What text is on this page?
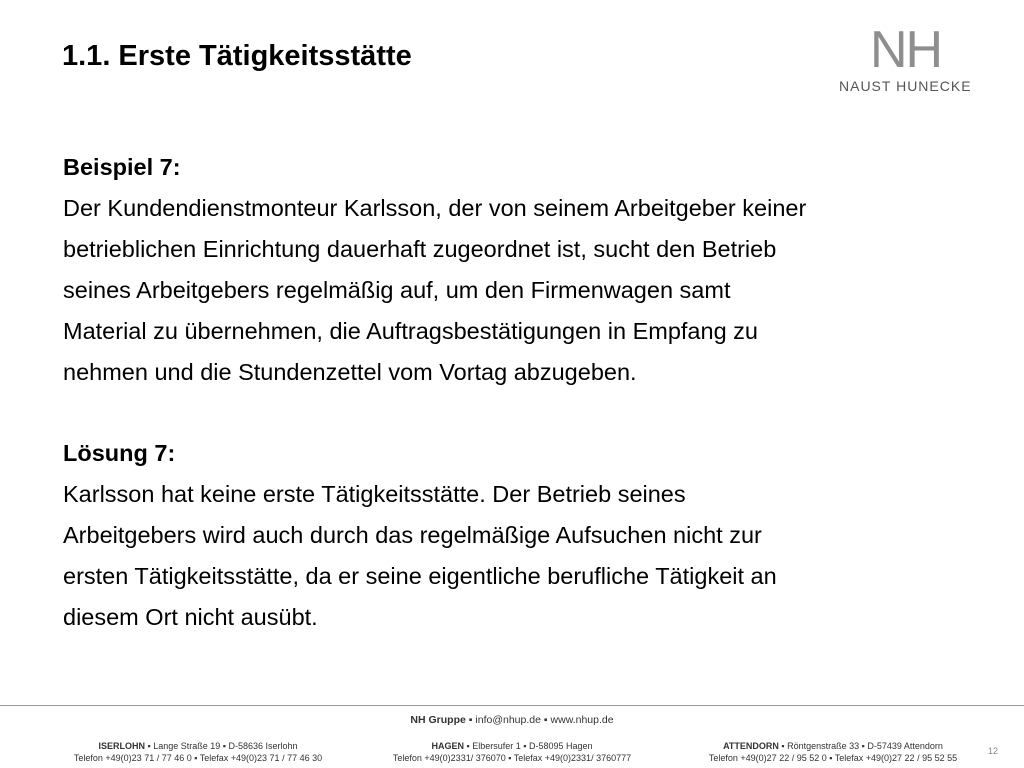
1.1. Erste Tätigkeitsstätte	NH
NAUST HUNECKE
Beispiel 7:
Der Kundendienstmonteur Karlsson, der von seinem Arbeitgeber keiner
betrieblichen Einrichtung dauerhaft zugeordnet ist, sucht den Betrieb
seines Arbeitgebers regelmäßig auf, um den Firmenwagen samt
Material zu übernehmen, die Auftragsbestätigungen in Empfang zu
nehmen und die Stundenzettel vom Vortag abzugeben.
Lösung 7:
Karlsson hat keine erste Tätigkeitsstätte. Der Betrieb seines
Arbeitgebers wird auch durch das regelmäßige Aufsuchen nicht zur
ersten Tätigkeitsstätte, da er seine eigentliche berufliche Tätigkeit an
diesem Ort nicht ausübt.
NH Gruppe ▪ info@nhup.de ▪ www.nhup.de
ISERLOHN ▪ Lange Straße 19 ▪ D-58636 Iserlohn
Telefon +49(0)23 71 / 77 46 0 ▪ Telefax +49(0)23 71 / 77 46 30
HAGEN ▪ Elbersufer 1 ▪ D-58095 Hagen
Telefon +49(0)2331/ 376070 ▪ Telefax +49(0)2331/ 3760777
ATTENDORN ▪ Röntgenstraße 33 ▪ D-57439 Attendorn
Telefon +49(0)27 22 / 95 52 0 ▪ Telefax +49(0)27 22 / 95 52 55
12
